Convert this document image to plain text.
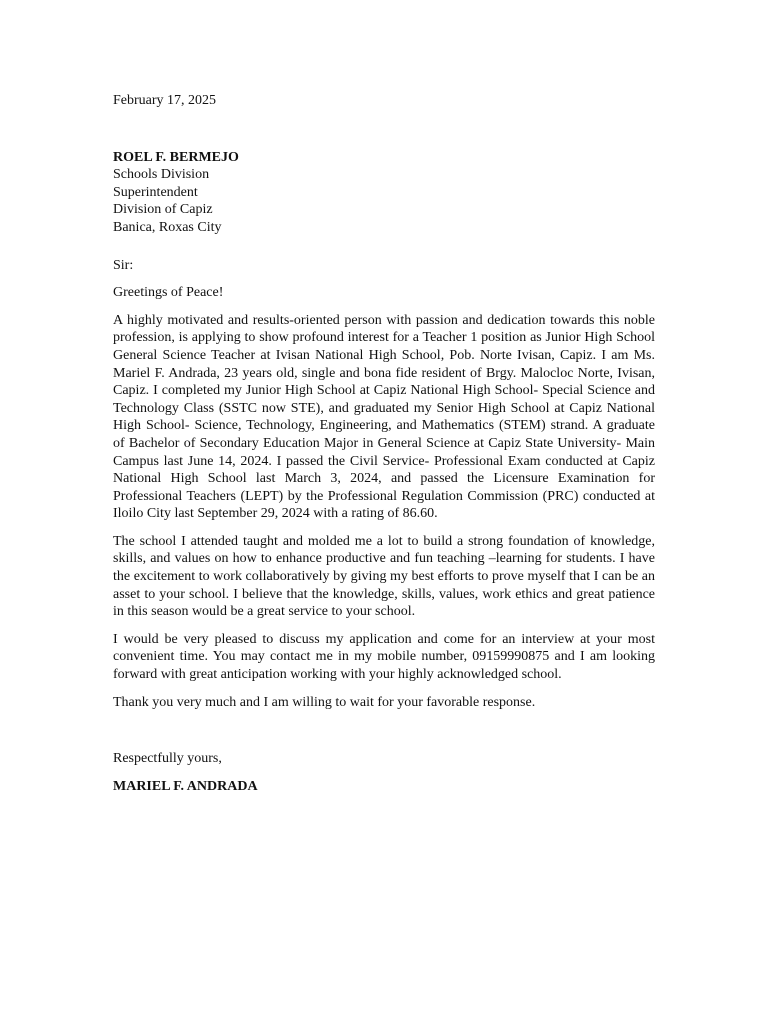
February 17, 2025
ROEL F. BERMEJO
Schools Division
Superintendent
Division of Capiz
Banica, Roxas City
Sir:
Greetings of Peace!

A highly motivated and results-oriented person with passion and dedication towards this noble profession, is applying to show profound interest for a Teacher 1 position as Junior High School General Science Teacher at Ivisan National High School, Pob. Norte Ivisan, Capiz. I am Ms. Mariel F. Andrada, 23 years old, single and bona fide resident of Brgy. Malocloc Norte, Ivisan, Capiz. I completed my Junior High School at Capiz National High School- Special Science and Technology Class (SSTC now STE), and graduated my Senior High School at Capiz National High School- Science, Technology, Engineering, and Mathematics (STEM) strand. A graduate of Bachelor of Secondary Education Major in General Science at Capiz State University- Main Campus last June 14, 2024. I passed the Civil Service- Professional Exam conducted at Capiz National High School last March 3, 2024, and passed the Licensure Examination for Professional Teachers (LEPT) by the Professional Regulation Commission (PRC) conducted at Iloilo City last September 29, 2024 with a rating of 86.60.

The school I attended taught and molded me a lot to build a strong foundation of knowledge, skills, and values on how to enhance productive and fun teaching –learning for students. I have the excitement to work collaboratively by giving my best efforts to prove myself that I can be an asset to your school. I believe that the knowledge, skills, values, work ethics and great patience in this season would be a great service to your school.

I would be very pleased to discuss my application and come for an interview at your most convenient time. You may contact me in my mobile number, 09159990875 and I am looking forward with great anticipation working with your highly acknowledged school.

Thank you very much and I am willing to wait for your favorable response.

Respectfully yours,
MARIEL F. ANDRADA
